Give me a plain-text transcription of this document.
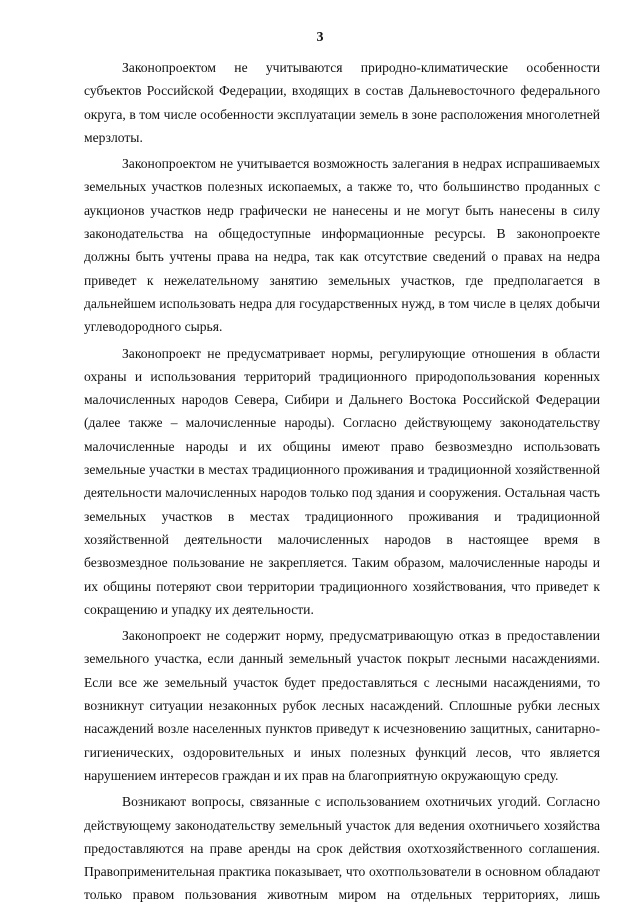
3

Законопроектом не учитываются природно-климатические особенности субъектов Российской Федерации, входящих в состав Дальневосточного федерального округа, в том числе особенности эксплуатации земель в зоне расположения многолетней мерзлоты.

Законопроектом не учитывается возможность залегания в недрах испрашиваемых земельных участков полезных ископаемых, а также то, что большинство проданных с аукционов участков недр графически не нанесены и не могут быть нанесены в силу законодательства на общедоступные информационные ресурсы. В законопроекте должны быть учтены права на недра, так как отсутствие сведений о правах на недра приведет к нежелательному занятию земельных участков, где предполагается в дальнейшем использовать недра для государственных нужд, в том числе в целях добычи углеводородного сырья.

Законопроект не предусматривает нормы, регулирующие отношения в области охраны и использования территорий традиционного природопользования коренных малочисленных народов Севера, Сибири и Дальнего Востока Российской Федерации (далее также – малочисленные народы). Согласно действующему законодательству малочисленные народы и их общины имеют право безвозмездно использовать земельные участки в местах традиционного проживания и традиционной хозяйственной деятельности малочисленных народов только под здания и сооружения. Остальная часть земельных участков в местах традиционного проживания и традиционной хозяйственной деятельности малочисленных народов в настоящее время в безвозмездное пользование не закрепляется. Таким образом, малочисленные народы и их общины потеряют свои территории традиционного хозяйствования, что приведет к сокращению и упадку их деятельности.

Законопроект не содержит норму, предусматривающую отказ в предоставлении земельного участка, если данный земельный участок покрыт лесными насаждениями. Если все же земельный участок будет предоставляться с лесными насаждениями, то возникнут ситуации незаконных рубок лесных насаждений. Сплошные рубки лесных насаждений возле населенных пунктов приведут к исчезновению защитных, санитарно-гигиенических, оздоровительных и иных полезных функций лесов, что является нарушением интересов граждан и их прав на благоприятную окружающую среду.

Возникают вопросы, связанные с использованием охотничьих угодий. Согласно действующему законодательству земельный участок для ведения охотничьего хозяйства предоставляются на праве аренды на срок действия охотхозяйственного соглашения. Правоприменительная практика показывает, что охотпользователи в основном обладают только правом пользования животным миром на отдельных территориях, лишь
